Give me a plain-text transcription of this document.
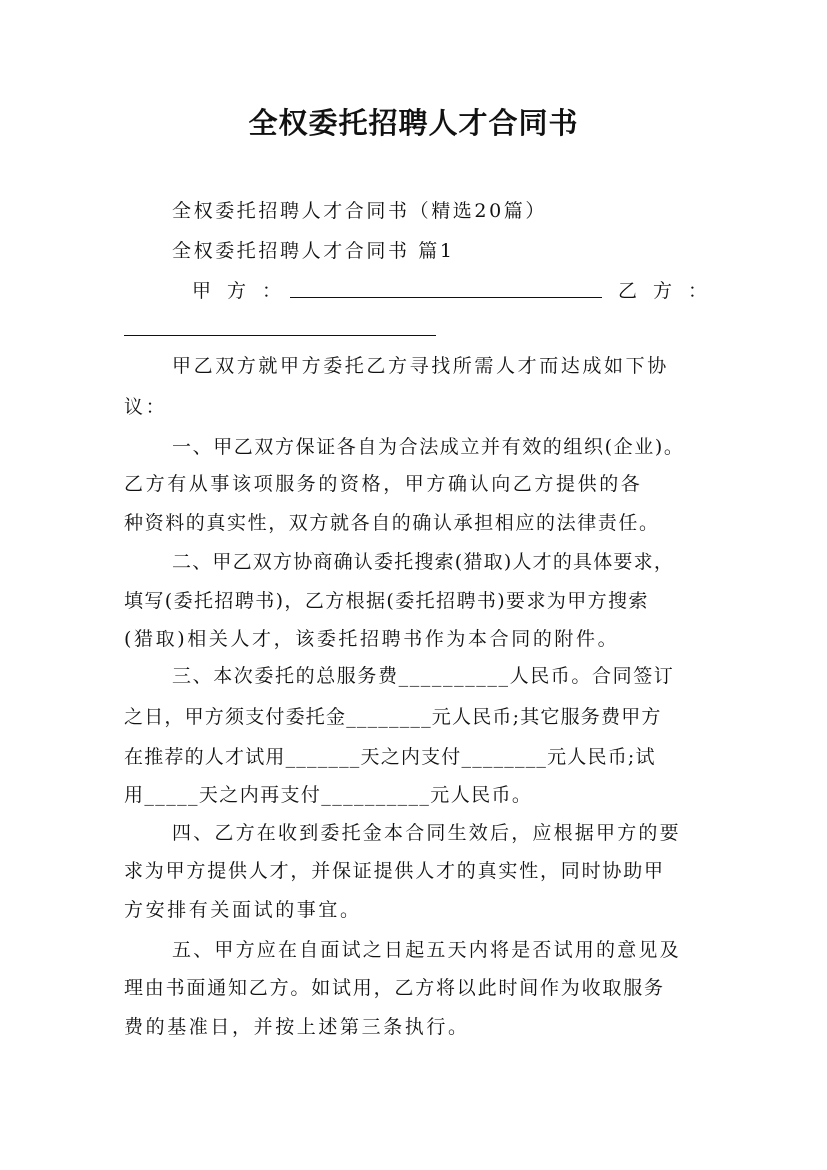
全权委托招聘人才合同书
全权委托招聘人才合同书（精选20篇）
全权委托招聘人才合同书 篇1
甲方：	乙方：
甲乙双方就甲方委托乙方寻找所需人才而达成如下协
议：
一、甲乙双方保证各自为合法成立并有效的组织(企业)。
乙方有从事该项服务的资格，甲方确认向乙方提供的各
种资料的真实性，双方就各自的确认承担相应的法律责任。
二、甲乙双方协商确认委托搜索(猎取)人才的具体要求，
填写(委托招聘书)，乙方根据(委托招聘书)要求为甲方搜索
(猎取)相关人才，该委托招聘书作为本合同的附件。
三、本次委托的总服务费__________人民币。合同签订
之日，甲方须支付委托金________元人民币;其它服务费甲方
在推荐的人才试用_______天之内支付________元人民币;试
用_____天之内再支付__________元人民币。
四、乙方在收到委托金本合同生效后，应根据甲方的要
求为甲方提供人才，并保证提供人才的真实性，同时协助甲
方安排有关面试的事宜。
五、甲方应在自面试之日起五天内将是否试用的意见及
理由书面通知乙方。如试用，乙方将以此时间作为收取服务
费的基准日，并按上述第三条执行。
